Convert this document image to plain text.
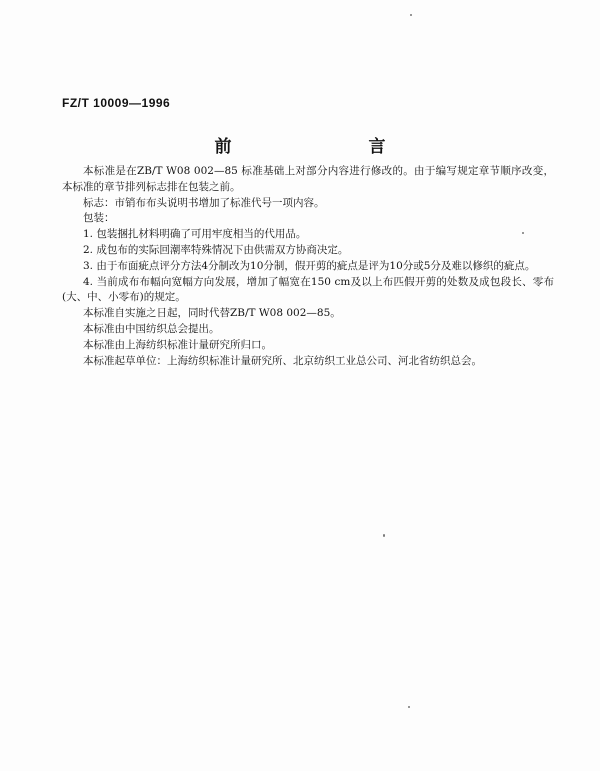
FZ/T 10009—1996
前　言

本标准是在ZB/T W08 002—85 标准基础上对部分内容进行修改的。由于编写规定章节顺序改变，本标准的章节排列标志排在包装之前。

标志：市销布布头说明书增加了标准代号一项内容。

包装：

1. 包装捆扎材料明确了可用牢度相当的代用品。

2. 成包布的实际回潮率特殊情况下由供需双方协商决定。

3. 由于布面疵点评分方法4分制改为10分制，假开剪的疵点是评为10分或5分及难以修织的疵点。

4. 当前成布布幅向宽幅方向发展，增加了幅宽在150 cm及以上布匹假开剪的处数及成包段长、零布(大、中、小零布)的规定。

本标准自实施之日起，同时代替ZB/T W08 002—85。

本标准由中国纺织总会提出。

本标准由上海纺织标准计量研究所归口。

本标准起草单位：上海纺织标准计量研究所、北京纺织工业总公司、河北省纺织总会。
